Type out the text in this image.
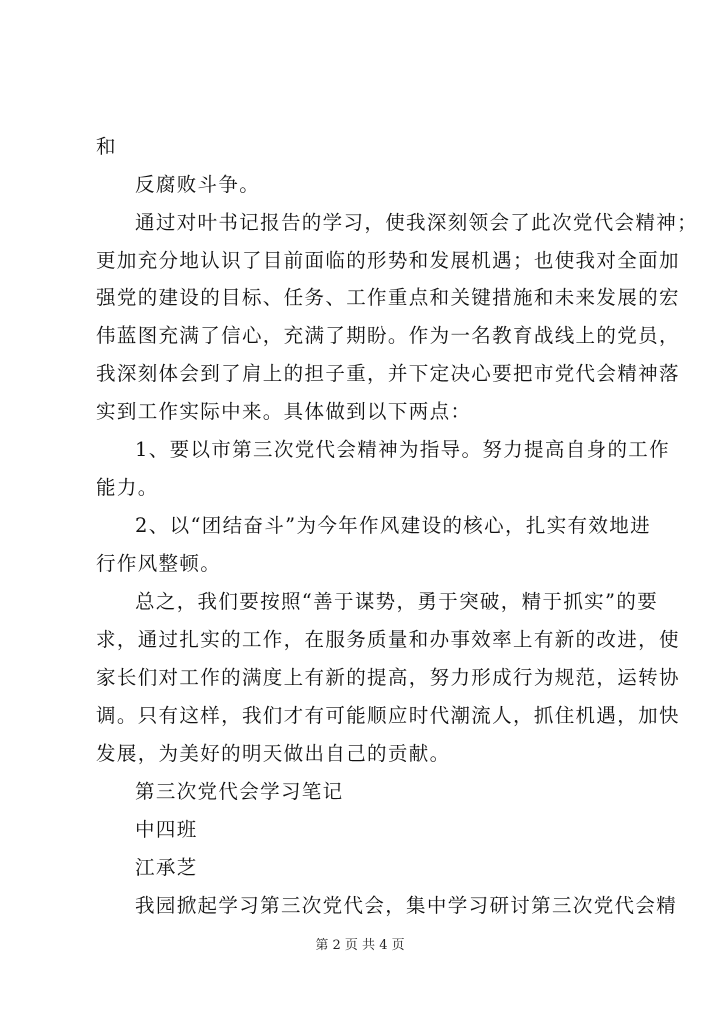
和
反腐败斗争。
通过对叶书记报告的学习，使我深刻领会了此次党代会精神；
更加充分地认识了目前面临的形势和发展机遇；也使我对全面加
强党的建设的目标、任务、工作重点和关键措施和未来发展的宏
伟蓝图充满了信心，充满了期盼。作为一名教育战线上的党员，
我深刻体会到了肩上的担子重，并下定决心要把市党代会精神落
实到工作实际中来。具体做到以下两点：
1、要以市第三次党代会精神为指导。努力提高自身的工作
能力。
2、以“团结奋斗”为今年作风建设的核心，扎实有效地进
行作风整顿。
总之，我们要按照“善于谋势，勇于突破，精于抓实”的要
求，通过扎实的工作，在服务质量和办事效率上有新的改进，使
家长们对工作的满度上有新的提高，努力形成行为规范，运转协
调。只有这样，我们才有可能顺应时代潮流人，抓住机遇，加快
发展，为美好的明天做出自己的贡献。
第三次党代会学习笔记
中四班
江承芝
我园掀起学习第三次党代会，集中学习研讨第三次党代会精
第 2 页 共 4 页
